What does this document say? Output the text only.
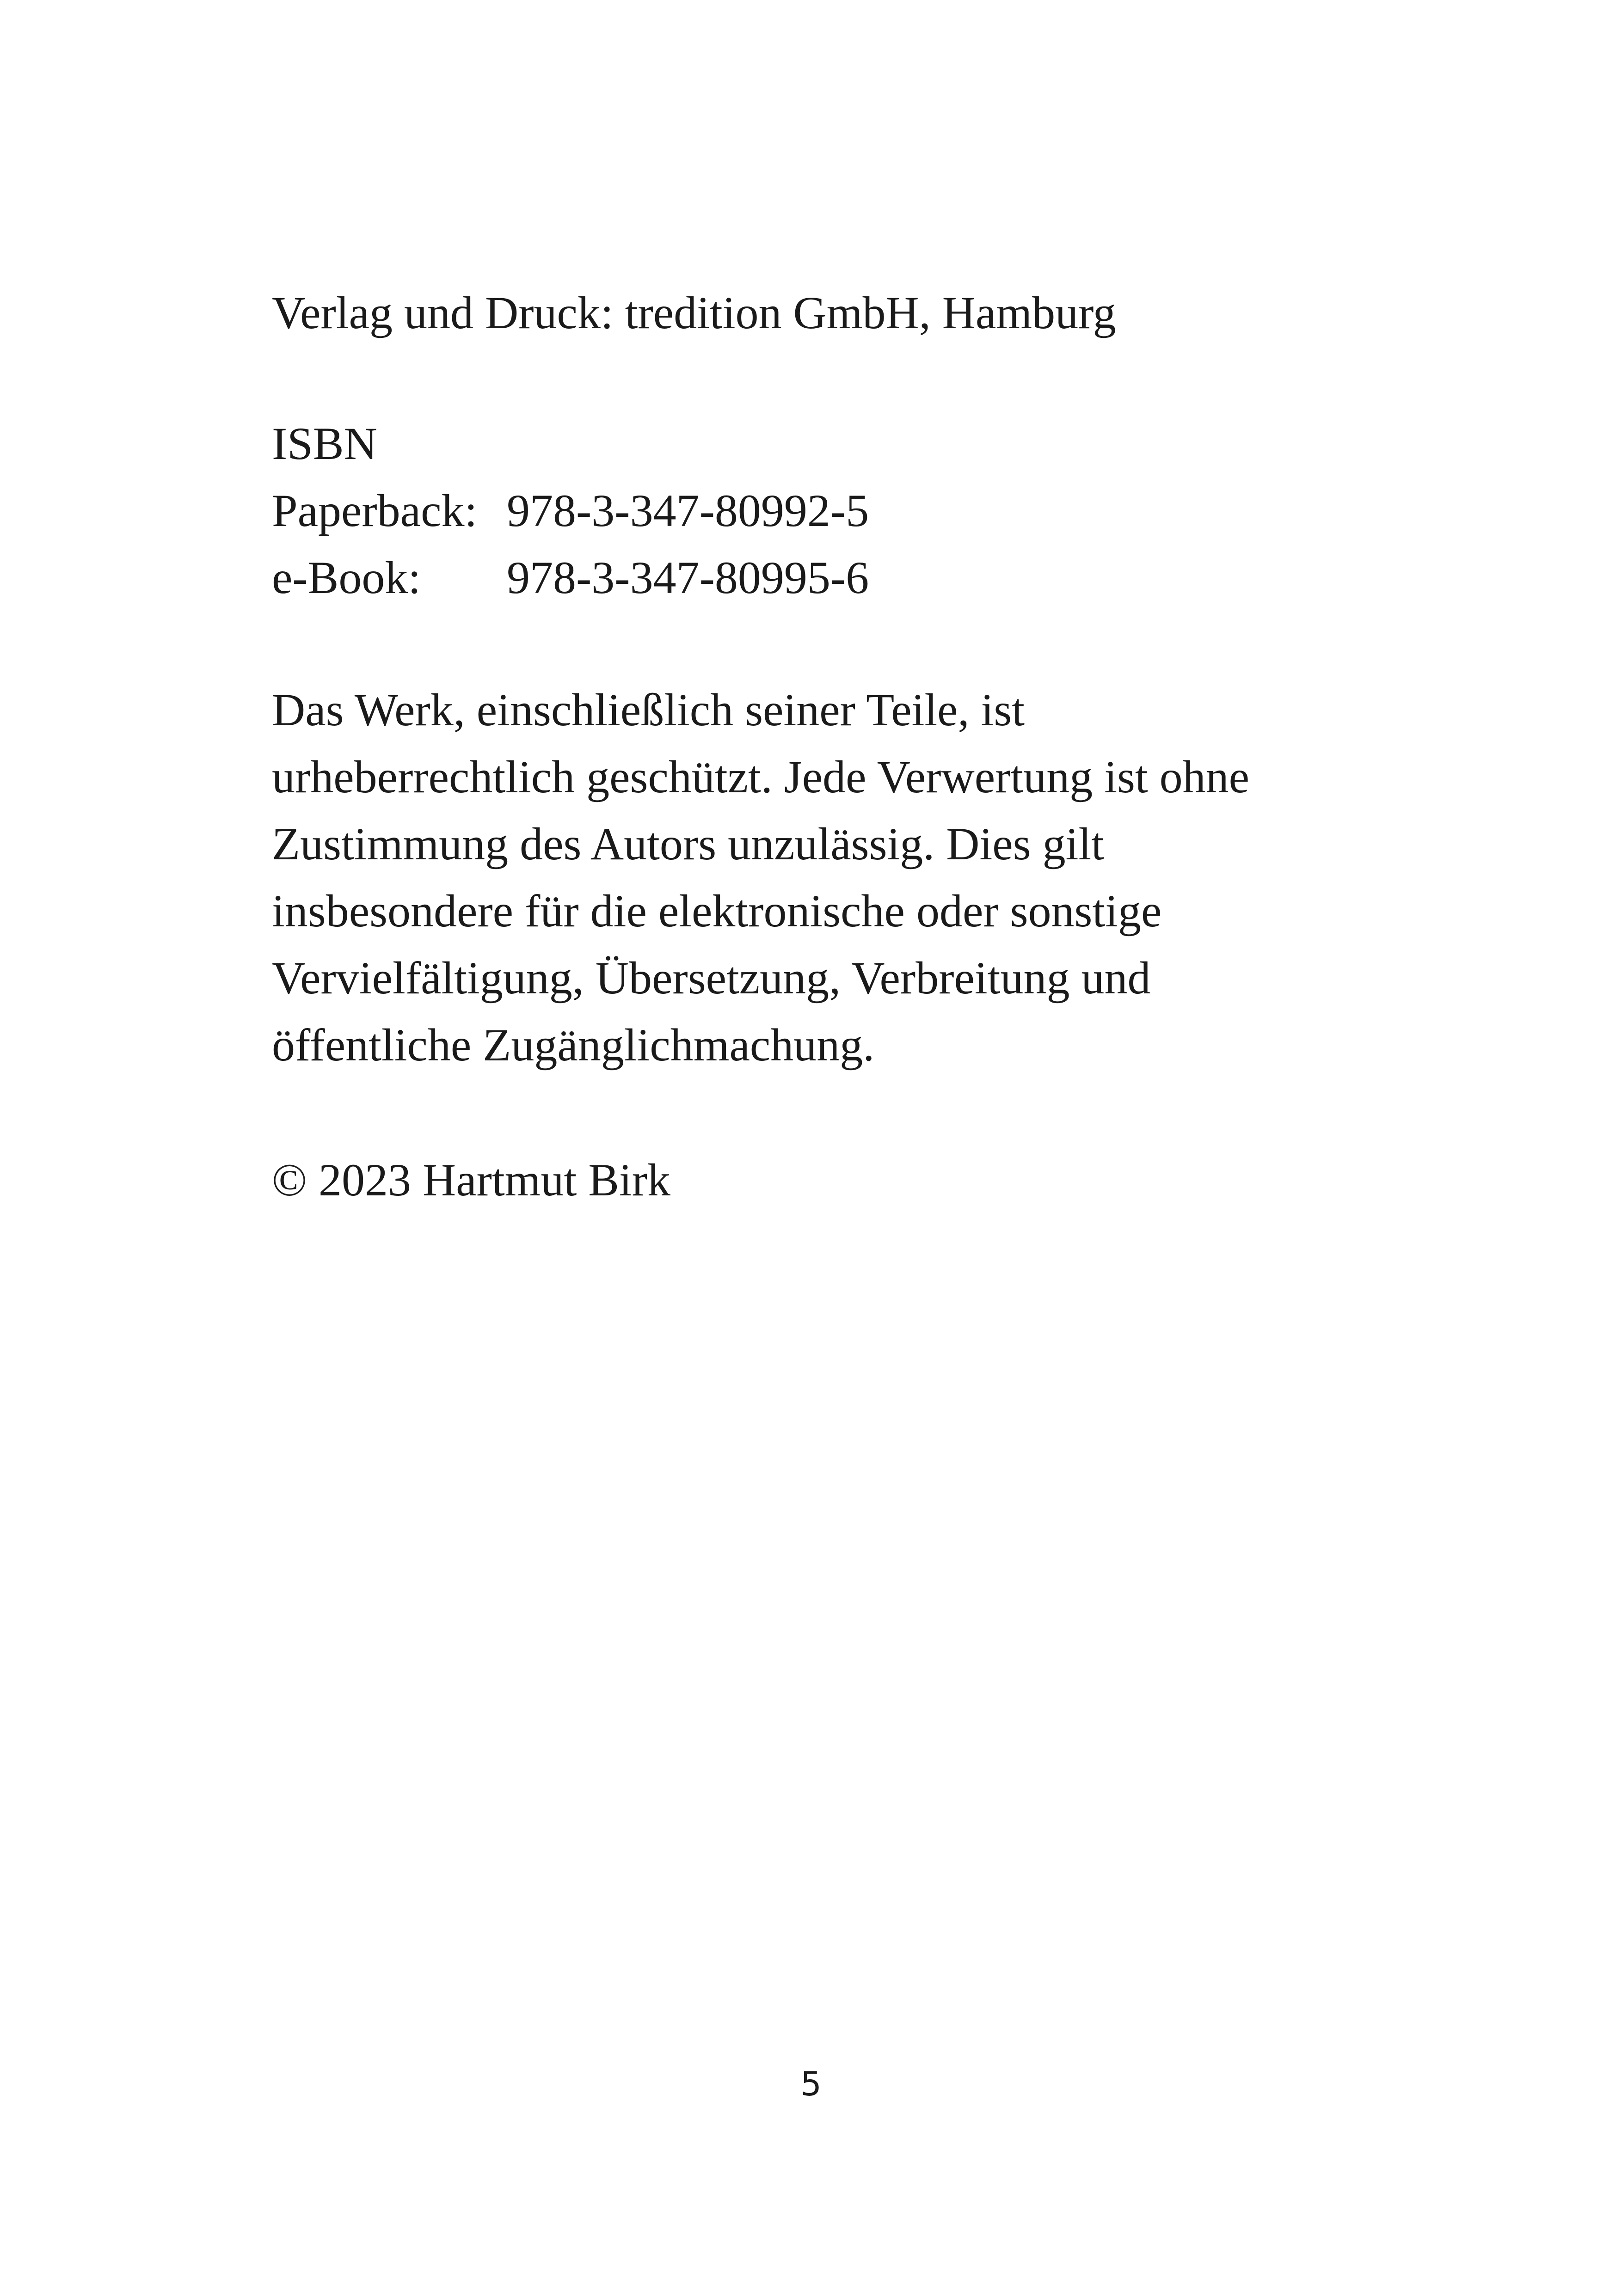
Verlag und Druck: tredition GmbH, Hamburg
ISBN
Paperback: 978-3-347-80992-5
e-Book: 978-3-347-80995-6
Das Werk, einschließlich seiner Teile, ist
urheberrechtlich geschützt. Jede Verwertung ist ohne
Zustimmung des Autors unzulässig. Dies gilt
insbesondere für die elektronische oder sonstige
Vervielfältigung, Übersetzung, Verbreitung und
öffentliche Zugänglichmachung.
© 2023 Hartmut Birk
5
